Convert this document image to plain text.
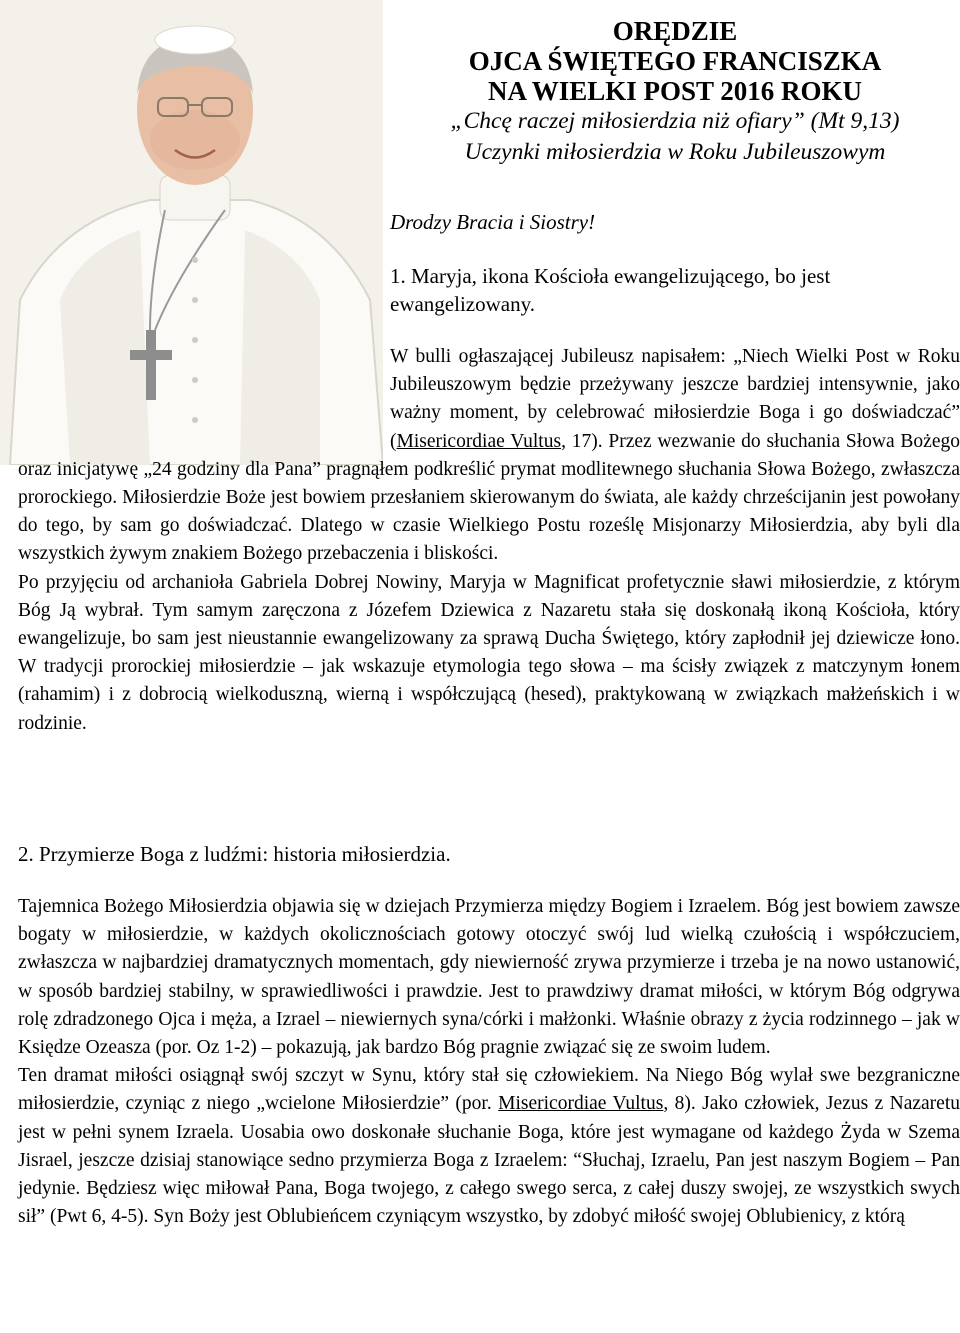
ORĘDZIE
OJCA ŚWIĘTEGO FRANCISZKA
NA WIELKI POST 2016 ROKU
„Chcę raczej miłosierdzia niż ofiary” (Mt 9,13)
Uczynki miłosierdzia w Roku Jubileuszowym
Drodzy Bracia i Siostry!
1. Maryja, ikona Kościoła ewangelizującego, bo jest ewangelizowany.

W bulli ogłaszającej Jubileusz napisałem: „Niech Wielki Post w Roku Jubileuszowym będzie przeżywany jeszcze bardziej intensywnie, jako ważny moment, by celebrować miłosierdzie Boga i go doświadczać” (Misericordiae Vultus, 17). Przez wezwanie do słuchania Słowa Bożego oraz inicjatywę „24 godziny dla Pana” pragnąłem podkreślić prymat modlitewnego słuchania Słowa Bożego, zwłaszcza prorockiego. Miłosierdzie Boże jest bowiem przesłaniem skierowanym do świata, ale każdy chrześcijanin jest powołany do tego, by sam go doświadczać. Dlatego w czasie Wielkiego Postu roześlę Misjonarzy Miłosierdzia, aby byli dla wszystkich żywym znakiem Bożego przebaczenia i bliskości.

Po przyjęciu od archanioła Gabriela Dobrej Nowiny, Maryja w Magnificat profetycznie sławi miłosierdzie, z którym Bóg Ją wybrał. Tym samym zaręczona z Józefem Dziewica z Nazaretu stała się doskonałą ikoną Kościoła, który ewangelizuje, bo sam jest nieustannie ewangelizowany za sprawą Ducha Świętego, który zapłodnił jej dziewicze łono. W tradycji prorockiej miłosierdzie – jak wskazuje etymologia tego słowa – ma ścisły związek z matczynym łonem (rahamim) i z dobrocią wielkoduszną, wierną i współczującą (hesed), praktykowaną w związkach małżeńskich i w rodzinie.

2. Przymierze Boga z ludźmi: historia miłosierdzia.

Tajemnica Bożego Miłosierdzia objawia się w dziejach Przymierza między Bogiem i Izraelem. Bóg jest bowiem zawsze bogaty w miłosierdzie, w każdych okolicznościach gotowy otoczyć swój lud wielką czułością i współczuciem, zwłaszcza w najbardziej dramatycznych momentach, gdy niewierność zrywa przymierze i trzeba je na nowo ustanowić, w sposób bardziej stabilny, w sprawiedliwości i prawdzie. Jest to prawdziwy dramat miłości, w którym Bóg odgrywa rolę zdradzonego Ojca i męża, a Izrael – niewiernych syna/córki i małżonki. Właśnie obrazy z życia rodzinnego – jak w Księdze Ozeasza (por. Oz 1-2) – pokazują, jak bardzo Bóg pragnie związać się ze swoim ludem.

Ten dramat miłości osiągnął swój szczyt w Synu, który stał się człowiekiem. Na Niego Bóg wylał swe bezgraniczne miłosierdzie, czyniąc z niego „wcielone Miłosierdzie” (por. Misericordiae Vultus, 8). Jako człowiek, Jezus z Nazaretu jest w pełni synem Izraela. Uosabia owo doskonałe słuchanie Boga, które jest wymagane od każdego Żyda w Szema Jisrael, jeszcze dzisiaj stanowiące sedno przymierza Boga z Izraelem: “Słuchaj, Izraelu, Pan jest naszym Bogiem – Pan jedynie. Będziesz więc miłował Pana, Boga twojego, z całego swego serca, z całej duszy swojej, ze wszystkich swych sił” (Pwt 6, 4-5). Syn Boży jest Oblubieńcem czyniącym wszystko, by zdobyć miłość swojej Oblubienicy, z którą
